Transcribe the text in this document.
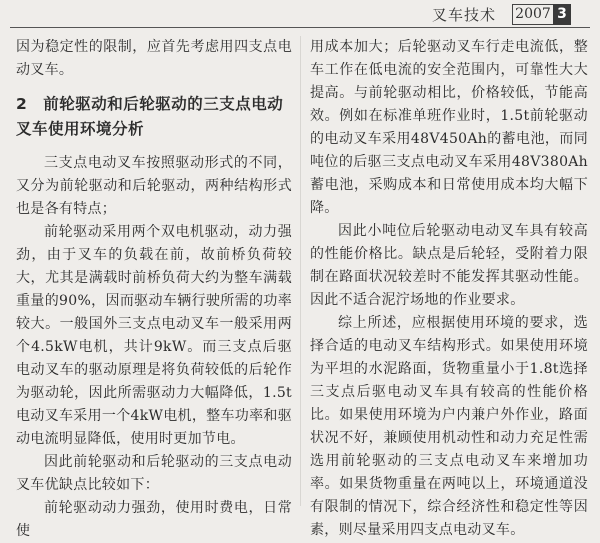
叉车技术 2007 3

因为稳定性的限制，应首先考虑用四支点电动叉车。

2　前轮驱动和后轮驱动的三支点电动叉车使用环境分析

三支点电动叉车按照驱动形式的不同，又分为前轮驱动和后轮驱动，两种结构形式也是各有特点；

前轮驱动采用两个双电机驱动，动力强劲，由于叉车的负载在前，故前桥负荷较大，尤其是满载时前桥负荷大约为整车满载重量的90%，因而驱动车辆行驶所需的功率较大。一般国外三支点电动叉车一般采用两个4.5kW电机，共计9kW。而三支点后驱电动叉车的驱动原理是将负荷较低的后轮作为驱动轮，因此所需驱动力大幅降低，1.5t电动叉车采用一个4kW电机，整车功率和驱动电流明显降低，使用时更加节电。

因此前轮驱动和后轮驱动的三支点电动叉车优缺点比较如下：

前轮驱动动力强劲，使用时费电，日常使

用成本加大；后轮驱动叉车行走电流低，整车工作在低电流的安全范围内，可靠性大大提高。与前轮驱动相比，价格较低，节能高效。例如在标准单班作业时，1.5t前轮驱动的电动叉车采用48V450Ah的蓄电池，而同吨位的后驱三支点电动叉车采用48V380Ah蓄电池，采购成本和日常使用成本均大幅下降。

因此小吨位后轮驱动电动叉车具有较高的性能价格比。缺点是后轮轻，受附着力限制在路面状况较差时不能发挥其驱动性能。因此不适合泥泞场地的作业要求。

综上所述，应根据使用环境的要求，选择合适的电动叉车结构形式。如果使用环境为平坦的水泥路面，货物重量小于1.8t选择三支点后驱电动叉车具有较高的性能价格比。如果使用环境为户内兼户外作业，路面状况不好，兼顾使用机动性和动力充足性需选用前轮驱动的三支点电动叉车来增加功率。如果货物重量在两吨以上，环境通道没有限制的情况下，综合经济性和稳定性等因素，则尽量采用四支点电动叉车。
